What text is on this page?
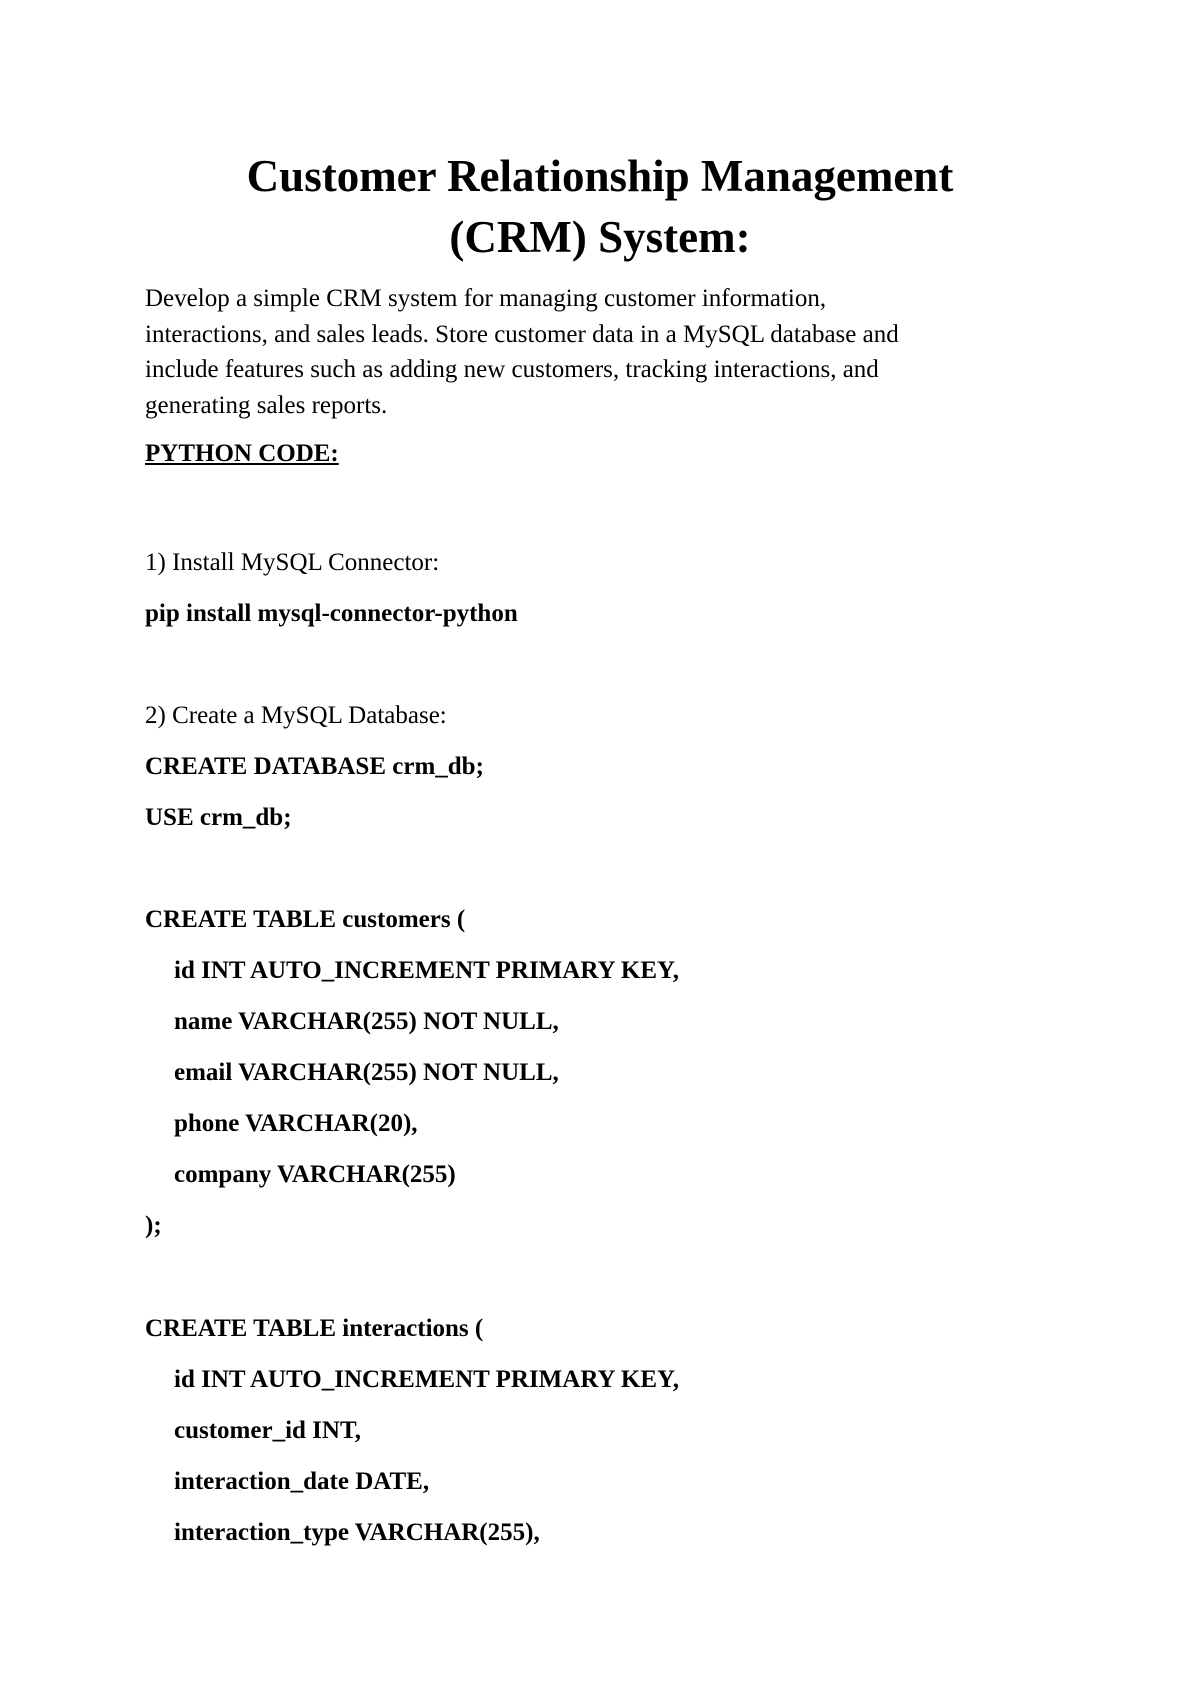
Customer Relationship Management
(CRM) System:

Develop a simple CRM system for managing customer information,
interactions, and sales leads. Store customer data in a MySQL database and
include features such as adding new customers, tracking interactions, and
generating sales reports.

PYTHON CODE:
1) Install MySQL Connector:
pip install mysql-connector-python
2) Create a MySQL Database:
CREATE DATABASE crm_db;
USE crm_db;
CREATE TABLE customers (
id INT AUTO_INCREMENT PRIMARY KEY,
name VARCHAR(255) NOT NULL,
email VARCHAR(255) NOT NULL,
phone VARCHAR(20),
company VARCHAR(255)
);
CREATE TABLE interactions (
id INT AUTO_INCREMENT PRIMARY KEY,
customer_id INT,
interaction_date DATE,
interaction_type VARCHAR(255),
